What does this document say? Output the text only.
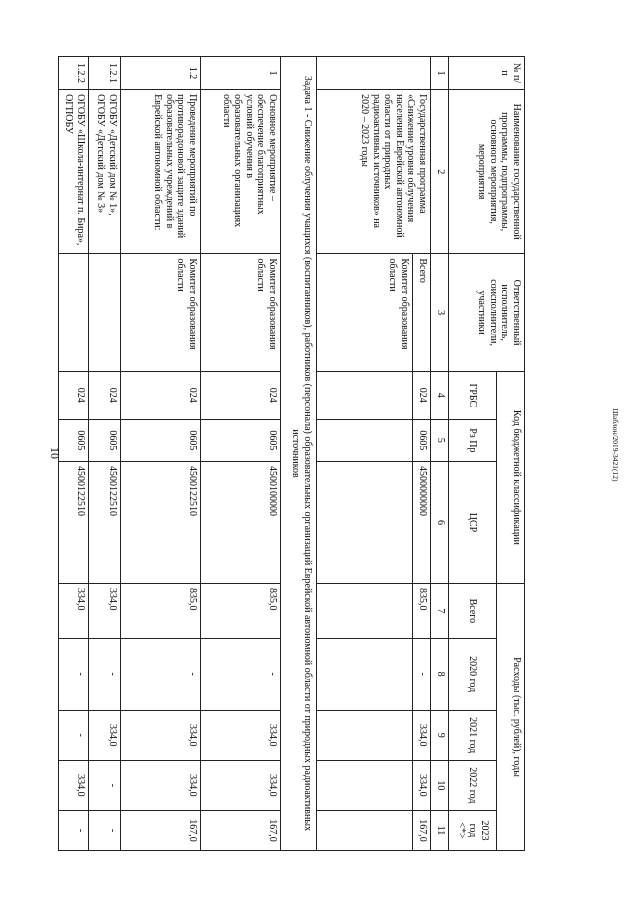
10
№ п/п	Наименование государственной программы, подпрограммы, основного мероприятия, мероприятия	Ответственный исполнитель, соисполнители, участники	Код бюджетной классификации			Расходы (тыс. рублей), годы				
			ГРБС	Рз Пр	ЦСР	Всего	2020 год	2021 год	2022 год	2023 год <*>
1	2	3	4	5	6	7	8	9	10	11
	Государственная программа «Снижение уровня облучения населения Еврейской автономной области от природных радиоактивных источников» на 2020 – 2023 годы	Всего	024	0605	4500000000	835,0	-	334,0	334,0	167,0
		Комитет образования области								
Задача 1 - Снижение облучения учащихся (воспитанников), работников (персонала) образовательных организаций Еврейской автономной области от природных радиоактивных источников										
1	Основное мероприятие – обеспечение благоприятных условий обучения в образовательных организациях области	Комитет образования области	024	0605	4500100000	835,0	-	334,0	334,0	167,0
1.2	Проведение мероприятий по противорадоновой защите зданий образовательных учреждений в Еврейской автономной области:	Комитет образования области	024	0605	4500122510	835,0	-	334,0	334,0	167,0
1.2.1	ОГОБУ «Детский дом № 1», ОГОБУ «Детский дом № 3»		024	0605	4500122510	334,0	-	334,0	-	-
1.2.2	ОГОБУ «Школа-интернат п. Бира», ОГПОБУ		024	0605	4500122510	334,0	-	-	334,0	-
Шаблон/2019-3421(12)
